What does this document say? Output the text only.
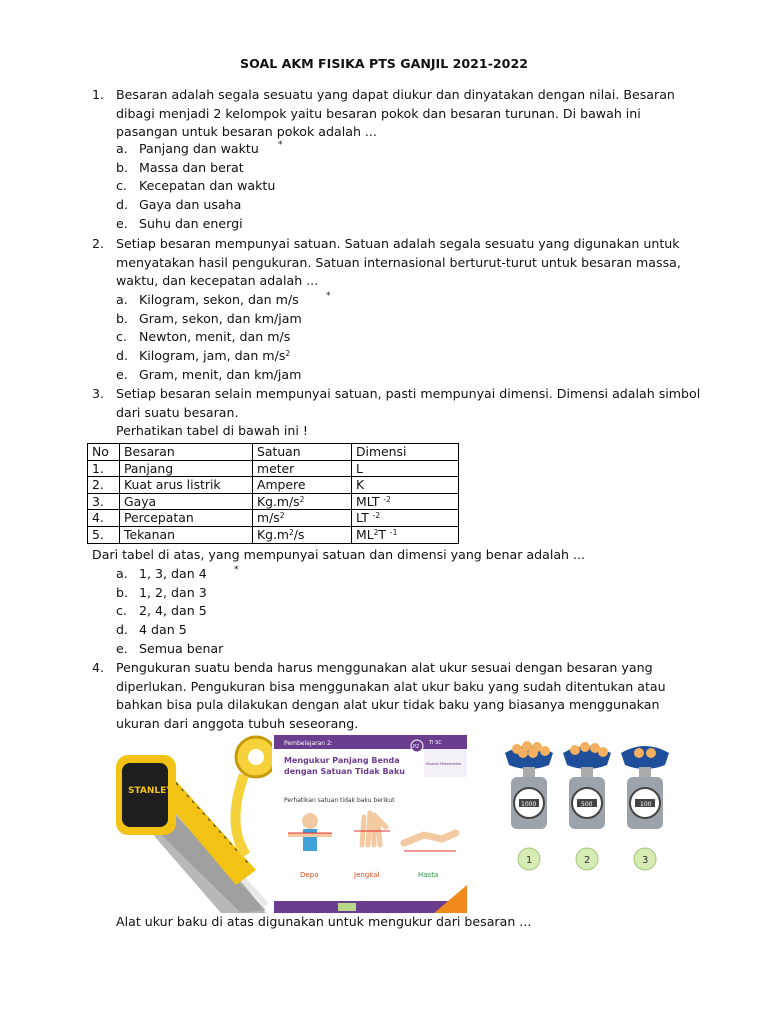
SOAL AKM FISIKA PTS GANJIL 2021-2022
1. Besaran adalah segala sesuatu yang dapat diukur dan dinyatakan dengan nilai. Besaran dibagi menjadi 2 kelompok yaitu besaran pokok dan besaran turunan. Di bawah ini pasangan untuk besaran pokok adalah ...
a. Panjang dan waktu *
b. Massa dan berat
c. Kecepatan dan waktu
d. Gaya dan usaha
e. Suhu dan energi
2. Setiap besaran mempunyai satuan. Satuan adalah segala sesuatu yang digunakan untuk menyatakan hasil pengukuran. Satuan internasional berturut-turut untuk besaran massa, waktu, dan kecepatan adalah ...
a. Kilogram, sekon, dan m/s	*
b. Gram, sekon, dan km/jam
c. Newton, menit, dan m/s
d. Kilogram, jam, dan $m/s^2$
e. Gram, menit, dan km/jam
3. Setiap besaran selain mempunyai satuan, pasti mempunyai dimensi. Dimensi adalah simbol dari suatu besaran.
Perhatikan tabel di bawah ini !
No	Besaran	Satuan	Dimensi
1.	Panjang	meter	L
2.	Kuat arus listrik	Ampere	K
3.	Gaya	$Kg.m/s^2$	MLT $^{-2}$
4.	Percepatan	$m/s^2$	LT $^{-2}$
5.	Tekanan	$Kg.m^2/s$	$ML^2T$ $^{-1}$
Dari tabel di atas, yang mempunyai satuan dan dimensi yang benar adalah ...
a. 1, 3, dan 4	*
b. 1, 2, dan 3
c. 2, 4, dan 5
d. 4 dan 5
e. Semua benar
4. Pengukuran suatu benda harus menggunakan alat ukur sesuai dengan besaran yang diperlukan. Pengukuran bisa menggunakan alat ukur baku yang sudah ditentukan atau bahkan bisa pula dilakukan dengan alat ukur tidak baku yang biasanya menggunakan ukuran dari anggota tubuh seseorang.
STANLEY
Pembelajaran 2:	P2
TI SC
Muatan Matematika
Mengukur Panjang Benda
dengan Satuan Tidak Baku
Perhatikan satuan tidak baku berikut
Depa	Jengkal	Hasta
1000
1
500
2
100
3
Alat ukur baku di atas digunakan untuk mengukur dari besaran ...
